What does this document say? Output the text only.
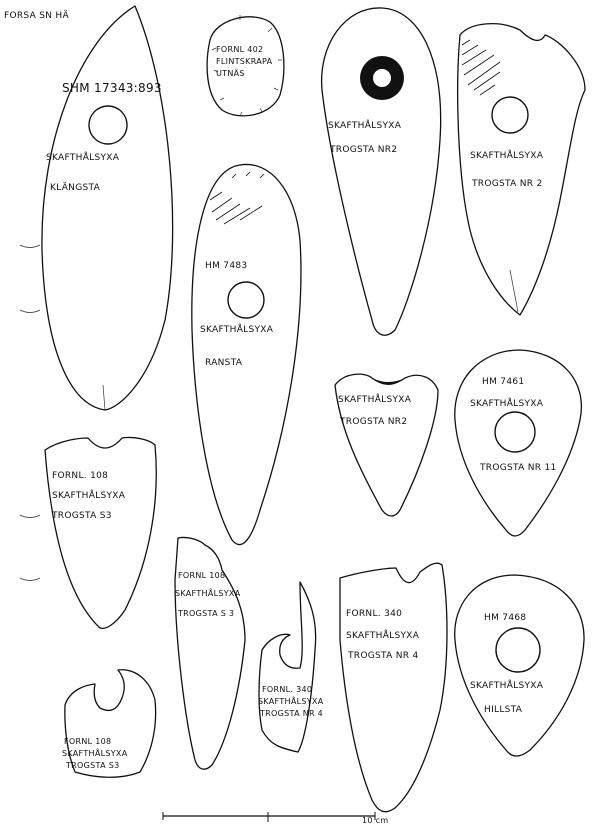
FORSA SN HÄ
SHM 17343:893
SKAFTHÅLSYXA
KLÄNGSTA
FORNL 402
FLINTSKRAPA
UTNÄS
SKAFTHÅLSYXA
TROGSTA NR2
SKAFTHÅLSYXA
TROGSTA NR 2
HM 7483
SKAFTHÅLSYXA
RANSTA
SKAFTHÅLSYXA
TROGSTA NR2
HM 7461
SKAFTHÅLSYXA
TROGSTA NR 11
FORNL. 108
SKAFTHÅLSYXA
TROGSTA S3
FORNL 108
SKAFTHÅLSYXA
TROGSTA S 3
FORNL. 340
SKAFTHÅLSYXA
TROGSTA NR 4
FORNL. 340
SKAFTHÅLSYXA
TROGSTA NR 4
HM 7468
SKAFTHÅLSYXA
HILLSTA
FORNL 108
SKAFTHÅLSYXA
TROGSTA S3
10 cm
